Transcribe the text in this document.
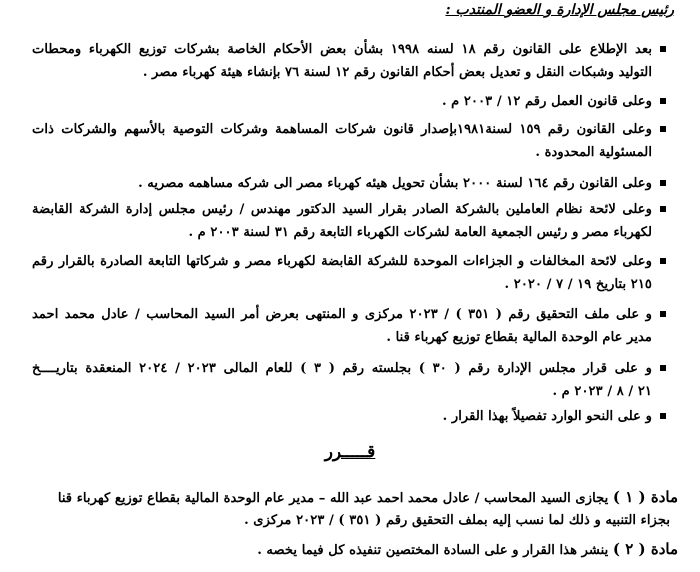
رئيس مجلس الإدارة و العضو المنتدب :
بعد الإطلاع على القانون رقم ١٨ لسنه ١٩٩٨ بشأن بعض الأحكام الخاصة بشركات توزيع الكهرباء ومحطات
التوليد وشبكات النقل و تعديل بعض أحكام القانون رقم ١٢ لسنة ٧٦ بإنشاء هيئة كهرباء مصر .
وعلى قانون العمل رقم ١٢ / ٢٠٠٣ م .
وعلى القانون رقم ١٥٩ لسنة١٩٨١بإصدار قانون شركات المساهمة وشركات التوصية بالأسهم والشركات ذات
المسئولية المحدودة .
وعلى القانون رقم ١٦٤ لسنة ٢٠٠٠ بشأن تحويل هيئه كهرباء مصر الى شركه مساهمه مصريه .
وعلى لائحة نظام العاملين بالشركة الصادر بقرار السيد الدكتور مهندس / رئيس مجلس إدارة الشركة القابضة
لكهرباء مصر و رئيس الجمعية العامة لشركات الكهرباء التابعة رقم ٣١ لسنة ٢٠٠٣ م .
وعلى لائحة المخالفات و الجزاءات الموحدة للشركة القابضة لكهرباء مصر و شركاتها التابعة الصادرة بالقرار رقم
٢١٥ بتاريخ ١٩ / ٧ / ٢٠٢٠ .
و على ملف التحقيق رقم ( ٣٥١ ) / ٢٠٢٣ مركزى و المنتهى بعرض أمر السيد المحاسب / عادل محمد احمد
مدير عام الوحدة المالية بقطاع توزيع كهرباء قنا .
و على قرار مجلس الإدارة رقم ( ٣٠ ) بجلسته رقم ( ٣ ) للعام المالى ٢٠٢٣ / ٢٠٢٤ المنعقدة بتاريــــخ
٢١ / ٨ / ٢٠٢٣ م .
و على النحو الوارد تفصيلاً بهذا القرار .
قـــــرر
مادة ( ١ ) يجازى السيد المحاسب / عادل محمد احمد عبد الله – مدير عام الوحدة المالية بقطاع توزيع كهرباء قنا
بجزاء التنبيه و ذلك لما نسب إليه بملف التحقيق رقم ( ٣٥١ ) / ٢٠٢٣ مركزى .
مادة ( ٢ ) ينشر هذا القرار و على السادة المختصين تنفيذه كل فيما يخصه .
